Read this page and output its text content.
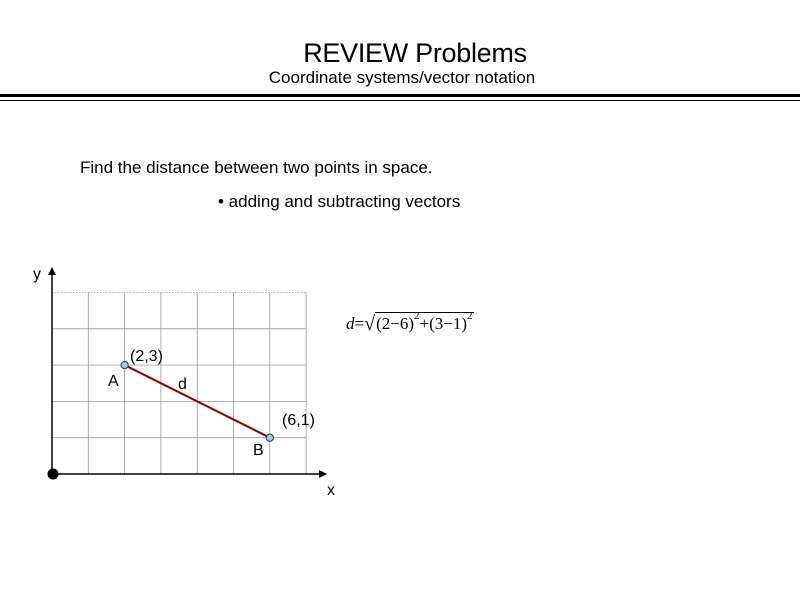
REVIEW Problems
Coordinate systems/vector notation
Find the distance between two points in space.
• adding and subtracting vectors
x
y
(2,3)
A	d
(6,1)
B
$d=√(2-6)^2+(3-1)^2$
